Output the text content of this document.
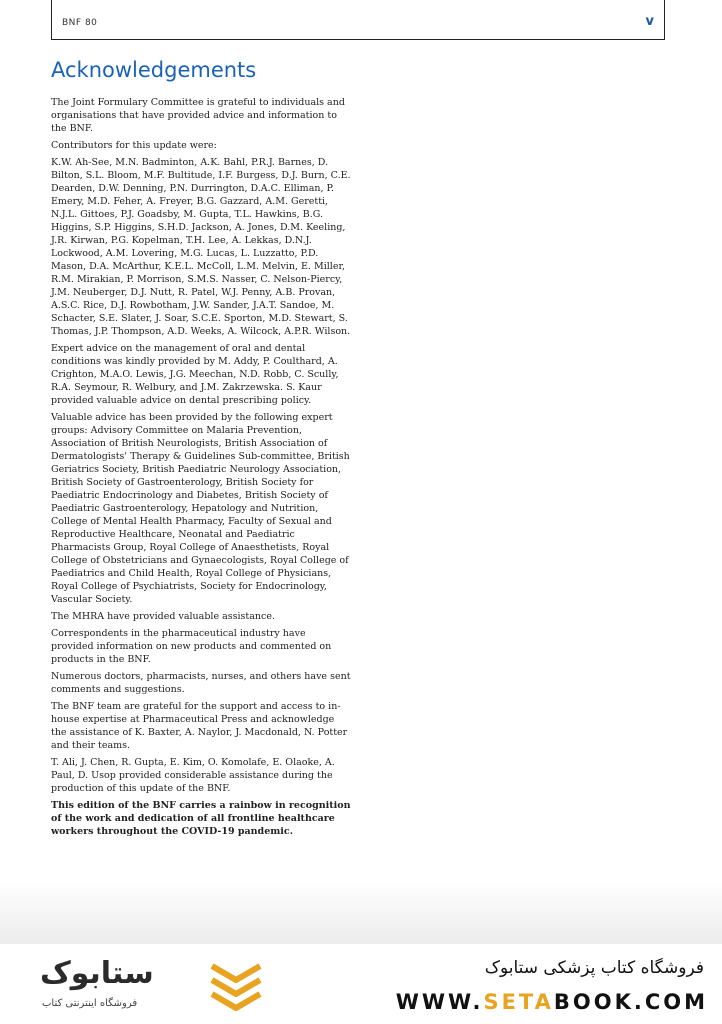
BNF 80	v
Acknowledgements

The Joint Formulary Committee is grateful to individuals and organisations that have provided advice and information to the BNF.

Contributors for this update were:

K.W. Ah-See, M.N. Badminton, A.K. Bahl, P.R.J. Barnes, D. Bilton, S.L. Bloom, M.F. Bultitude, I.F. Burgess, D.J. Burn, C.E. Dearden, D.W. Denning, P.N. Durrington, D.A.C. Elliman, P. Emery, M.D. Feher, A. Freyer, B.G. Gazzard, A.M. Geretti, N.J.L. Gittoes, P.J. Goadsby, M. Gupta, T.L. Hawkins, B.G. Higgins, S.P. Higgins, S.H.D. Jackson, A. Jones, D.M. Keeling, J.R. Kirwan, P.G. Kopelman, T.H. Lee, A. Lekkas, D.N.J. Lockwood, A.M. Lovering, M.G. Lucas, L. Luzzatto, P.D. Mason, D.A. McArthur, K.E.L. McColl, L.M. Melvin, E. Miller, R.M. Mirakian, P. Morrison, S.M.S. Nasser, C. Nelson-Piercy, J.M. Neuberger, D.J. Nutt, R. Patel, W.J. Penny, A.B. Provan, A.S.C. Rice, D.J. Rowbotham, J.W. Sander, J.A.T. Sandoe, M. Schacter, S.E. Slater, J. Soar, S.C.E. Sporton, M.D. Stewart, S. Thomas, J.P. Thompson, A.D. Weeks, A. Wilcock, A.P.R. Wilson.

Expert advice on the management of oral and dental conditions was kindly provided by M. Addy, P. Coulthard, A. Crighton, M.A.O. Lewis, J.G. Meechan, N.D. Robb, C. Scully, R.A. Seymour, R. Welbury, and J.M. Zakrzewska. S. Kaur provided valuable advice on dental prescribing policy.

Valuable advice has been provided by the following expert groups: Advisory Committee on Malaria Prevention, Association of British Neurologists, British Association of Dermatologists' Therapy & Guidelines Sub-committee, British Geriatrics Society, British Paediatric Neurology Association, British Society of Gastroenterology, British Society for Paediatric Endocrinology and Diabetes, British Society of Paediatric Gastroenterology, Hepatology and Nutrition, College of Mental Health Pharmacy, Faculty of Sexual and Reproductive Healthcare, Neonatal and Paediatric Pharmacists Group, Royal College of Anaesthetists, Royal College of Obstetricians and Gynaecologists, Royal College of Paediatrics and Child Health, Royal College of Physicians, Royal College of Psychiatrists, Society for Endocrinology, Vascular Society.

The MHRA have provided valuable assistance.

Correspondents in the pharmaceutical industry have provided information on new products and commented on products in the BNF.

Numerous doctors, pharmacists, nurses, and others have sent comments and suggestions.

The BNF team are grateful for the support and access to in-house expertise at Pharmaceutical Press and acknowledge the assistance of K. Baxter, A. Naylor, J. Macdonald, N. Potter and their teams.

T. Ali, J. Chen, R. Gupta, E. Kim, O. Komolafe, E. Olaoke, A. Paul, D. Usop provided considerable assistance during the production of this update of the BNF.

This edition of the BNF carries a rainbow in recognition of the work and dedication of all frontline healthcare workers throughout the COVID-19 pandemic.

ستابوک
فروشگاه اینترنتی کتاب
فروشگاه کتاب پزشکی ستابوک
WWW.SETABOOK.COM
